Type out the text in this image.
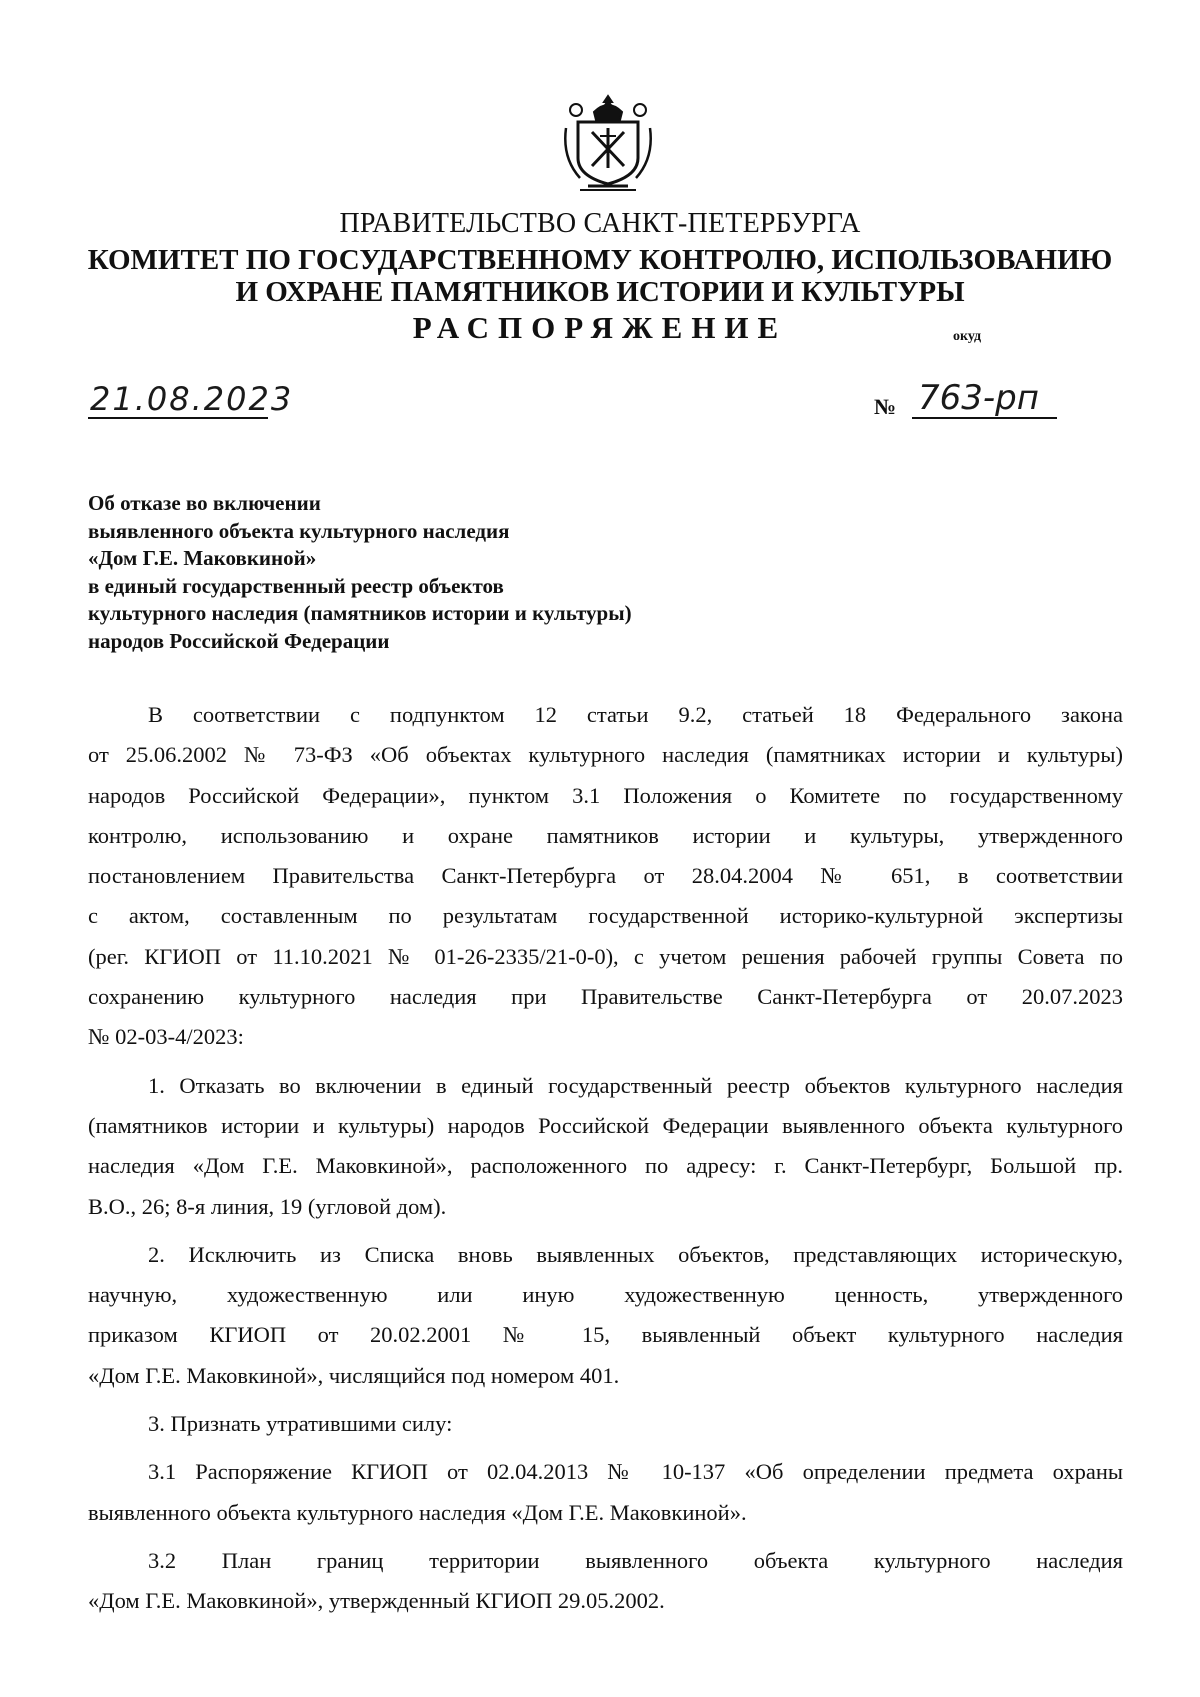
ПРАВИТЕЛЬСТВО САНКТ-ПЕТЕРБУРГА
КОМИТЕТ ПО ГОСУДАРСТВЕННОМУ КОНТРОЛЮ, ИСПОЛЬЗОВАНИЮ
И ОХРАНЕ ПАМЯТНИКОВ ИСТОРИИ И КУЛЬТУРЫ
РАСПОРЯЖЕНИЕ	окуд
21.08.2023	№ 763-рп
Об отказе во включении
выявленного объекта культурного наследия
«Дом Г.Е. Маковкиной»
в единый государственный реестр объектов
культурного наследия (памятников истории и культуры)
народов Российской Федерации
В соответствии с подпунктом 12 статьи 9.2, статьей 18 Федерального закона
от 25.06.2002 № 73-ФЗ «Об объектах культурного наследия (памятниках истории и культуры)
народов Российской Федерации», пунктом 3.1 Положения о Комитете по государственному
контролю, использованию и охране памятников истории и культуры, утвержденного
постановлением Правительства Санкт-Петербурга от 28.04.2004 № 651, в соответствии
с актом, составленным по результатам государственной историко-культурной экспертизы
(рег. КГИОП от 11.10.2021 № 01-26-2335/21-0-0), с учетом решения рабочей группы Совета по
сохранению культурного наследия при Правительстве Санкт-Петербурга от 20.07.2023
№ 02-03-4/2023:
1. Отказать во включении в единый государственный реестр объектов культурного наследия
(памятников истории и культуры) народов Российской Федерации выявленного объекта культурного
наследия «Дом Г.Е. Маковкиной», расположенного по адресу: г. Санкт-Петербург, Большой пр.
В.О., 26; 8-я линия, 19 (угловой дом).
2. Исключить из Списка вновь выявленных объектов, представляющих историческую,
научную, художественную или иную художественную ценность, утвержденного
приказом КГИОП от 20.02.2001 № 15, выявленный объект культурного наследия
«Дом Г.Е. Маковкиной», числящийся под номером 401.
3. Признать утратившими силу:
3.1 Распоряжение КГИОП от 02.04.2013 № 10-137 «Об определении предмета охраны
выявленного объекта культурного наследия «Дом Г.Е. Маковкиной».
3.2 План границ территории выявленного объекта культурного наследия
«Дом Г.Е. Маковкиной», утвержденный КГИОП 29.05.2002.
